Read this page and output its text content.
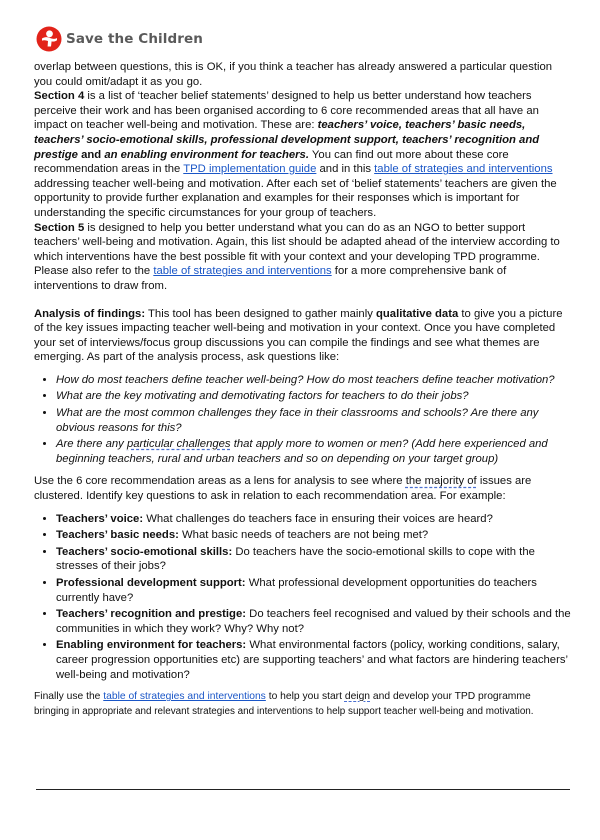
Save the Children

overlap between questions, this is OK, if you think a teacher has already answered a particular question you could omit/adapt it as you go.

Section 4 is a list of ‘teacher belief statements’ designed to help us better understand how teachers perceive their work and has been organised according to 6 core recommended areas that all have an impact on teacher well-being and motivation. These are: teachers’ voice, teachers’ basic needs, teachers’ socio-emotional skills, professional development support, teachers’ recognition and prestige and an enabling environment for teachers. You can find out more about these core recommendation areas in the TPD implementation guide and in this table of strategies and interventions addressing teacher well-being and motivation. After each set of ‘belief statements’ teachers are given the opportunity to provide further explanation and examples for their responses which is important for understanding the specific circumstances for your group of teachers.

Section 5 is designed to help you better understand what you can do as an NGO to better support teachers’ well-being and motivation. Again, this list should be adapted ahead of the interview according to which interventions have the best possible fit with your context and your developing TPD programme. Please also refer to the table of strategies and interventions for a more comprehensive bank of interventions to draw from.

Analysis of findings: This tool has been designed to gather mainly qualitative data to give you a picture of the key issues impacting teacher well-being and motivation in your context. Once you have completed your set of interviews/focus group discussions you can compile the findings and see what themes are emerging. As part of the analysis process, ask questions like:

• How do most teachers define teacher well-being? How do most teachers define teacher motivation?
• What are the key motivating and demotivating factors for teachers to do their jobs?
• What are the most common challenges they face in their classrooms and schools? Are there any obvious reasons for this?
• Are there any particular challenges that apply more to women or men? (Add here experienced and beginning teachers, rural and urban teachers and so on depending on your target group)

Use the 6 core recommendation areas as a lens for analysis to see where the majority of issues are clustered. Identify key questions to ask in relation to each recommendation area. For example:

• Teachers’ voice: What challenges do teachers face in ensuring their voices are heard?
• Teachers’ basic needs: What basic needs of teachers are not being met?
• Teachers’ socio-emotional skills: Do teachers have the socio-emotional skills to cope with the stresses of their jobs?
• Professional development support: What professional development opportunities do teachers currently have?
• Teachers’ recognition and prestige: Do teachers feel recognised and valued by their schools and the communities in which they work? Why? Why not?
• Enabling environment for teachers: What environmental factors (policy, working conditions, salary, career progression opportunities etc) are supporting teachers’ and what factors are hindering teachers’ well-being and motivation?

Finally use the table of strategies and interventions to help you start deign and develop your TPD programme
bringing in appropriate and relevant strategies and interventions to help support teacher well-being and motivation.
